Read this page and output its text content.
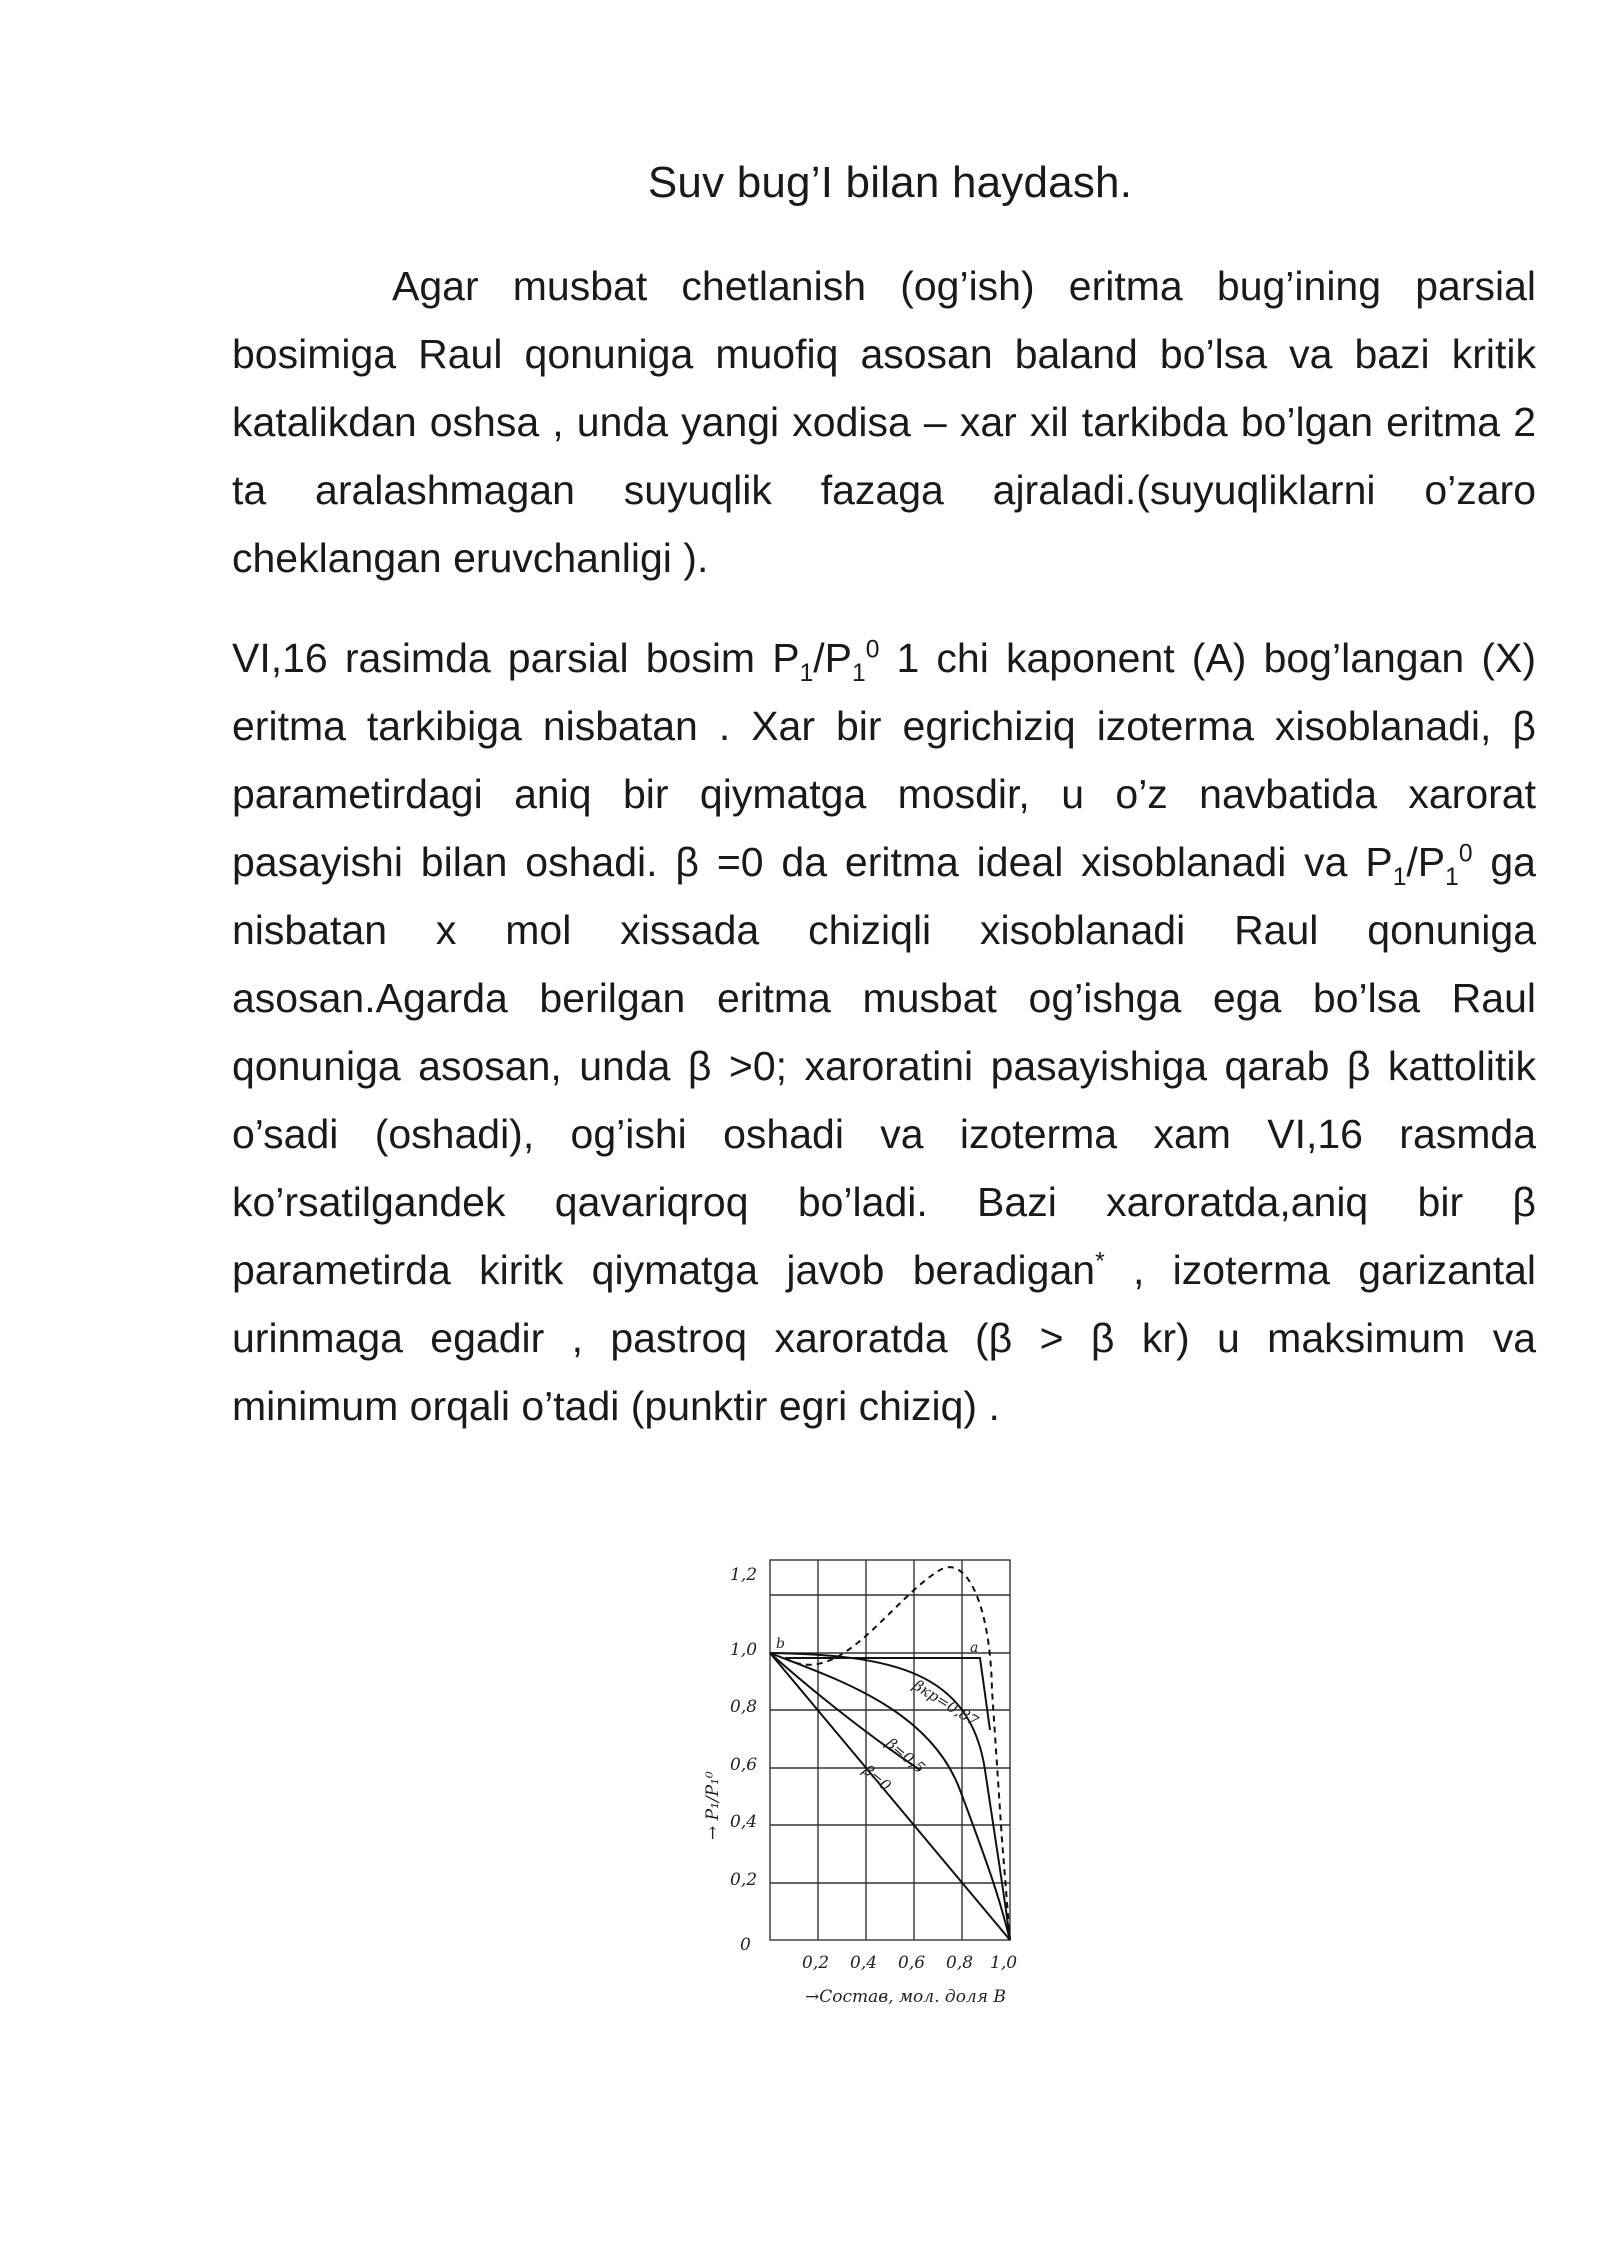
Suv bug’I bilan haydash.

Agar musbat chetlanish (og’ish) eritma bug’ining parsial bosimiga Raul qonuniga muofiq asosan baland bo’lsa va bazi kritik katalikdan oshsa , unda yangi xodisa – xar xil tarkibda bo’lgan eritma 2 ta aralashmagan suyuqlik fazaga ajraladi.(suyuqliklarni o’zaro cheklangan eruvchanligi ).

VI,16 rasimda parsial bosim $P_1/P_1^0$ 1 chi kaponent (A) bog’langan (X) eritma tarkibiga nisbatan . Xar bir egrichiziq izoterma xisoblanadi, β parametirdagi aniq bir qiymatga mosdir, u o’z navbatida xarorat pasayishi bilan oshadi. β =0 da eritma ideal xisoblanadi va $P_1/P_1^0$ ga nisbatan x mol xissada chiziqli xisoblanadi Raul qonuniga asosan.Agarda berilgan eritma musbat og’ishga ega bo’lsa Raul qonuniga asosan, unda β >0; xaroratini pasayishiga qarab β kattolitik o’sadi (oshadi), og’ishi oshadi va izoterma xam VI,16 rasmda ko’rsatilgandek qavariqroq bo’ladi. Bazi xaroratda,aniq bir β parametirda kiritk qiymatga javob beradigan* , izoterma garizantal urinmaga egadir , pastroq xaroratda (β > β kr) u maksimum va minimum orqali o’tadi (punktir egri chiziq) .

1,2
1,0
0,8
0,6
0,4
0,2
0
0,2 0,4 0,6 0,8 1,0
→Состав, мол. доля В
→ P₁/P₁⁰
βкр=0,87
β=0,5
β=0
b	a
